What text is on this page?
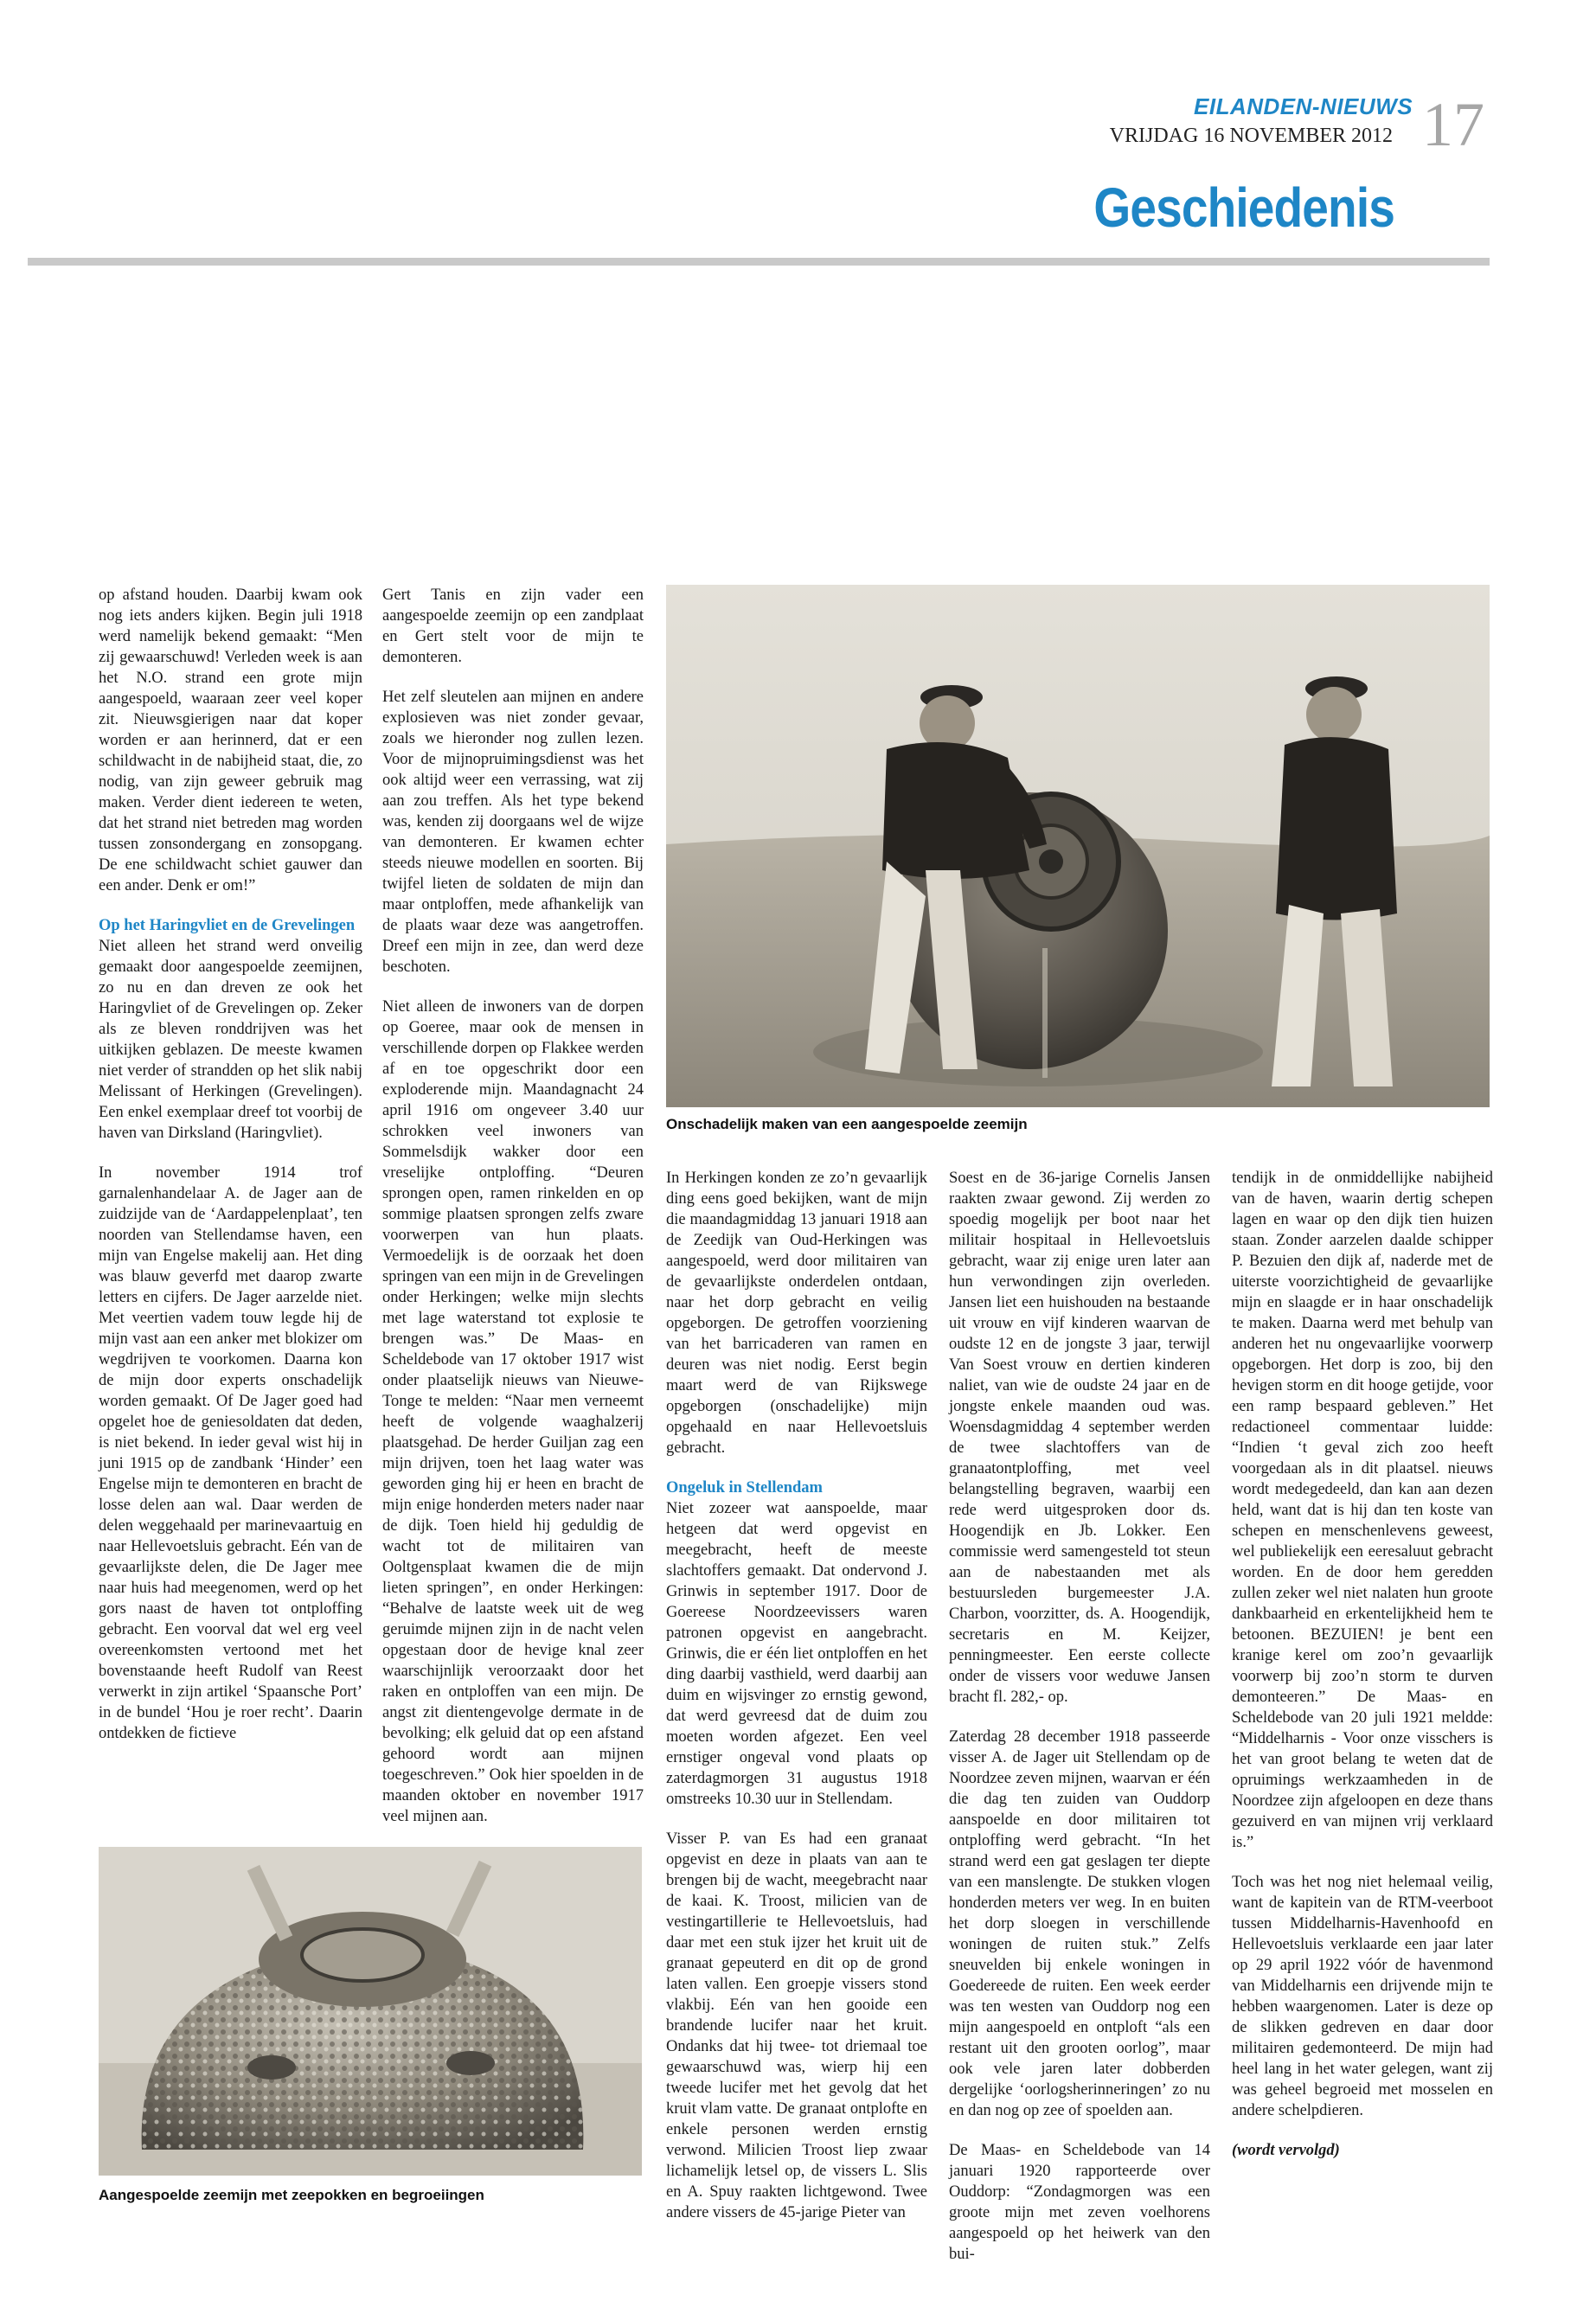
EILANDEN-NIEUWS
VRIJDAG 16 NOVEMBER 2012 17
Geschiedenis
Onschadelijk maken van een aangespoelde zeemijn
Aangespoelde zeemijn met zeepokken en begroeiingen

op afstand houden. Daarbij kwam ook nog iets anders kijken. Begin juli 1918 werd namelijk bekend gemaakt: “Men zij gewaarschuwd! Verleden week is aan het N.O. strand een grote mijn aangespoeld, waaraan zeer veel koper zit. Nieuwsgierigen naar dat koper worden er aan herinnerd, dat er een schildwacht in de nabijheid staat, die, zo nodig, van zijn geweer gebruik mag maken. Verder dient iedereen te weten, dat het strand niet betreden mag worden tussen zonsondergang en zonsopgang. De ene schildwacht schiet gauwer dan een ander. Denk er om!”

Op het Haringvliet en de Grevelingen

Niet alleen het strand werd onveilig gemaakt door aangespoelde zeemijnen, zo nu en dan dreven ze ook het Haringvliet of de Grevelingen op. Zeker als ze bleven ronddrijven was het uitkijken geblazen. De meeste kwamen niet verder of strandden op het slik nabij Melissant of Herkingen (Grevelingen). Een enkel exemplaar dreef tot voorbij de haven van Dirksland (Haringvliet).

In november 1914 trof garnalenhandelaar A. de Jager aan de zuidzijde van de ‘Aardappelenplaat’, ten noorden van Stellendamse haven, een mijn van Engelse makelij aan. Het ding was blauw geverfd met daarop zwarte letters en cijfers. De Jager aarzelde niet. Met veertien vadem touw legde hij de mijn vast aan een anker met blokizer om wegdrijven te voorkomen. Daarna kon de mijn door experts onschadelijk worden gemaakt. Of De Jager goed had opgelet hoe de geniesoldaten dat deden, is niet bekend. In ieder geval wist hij in juni 1915 op de zandbank ‘Hinder’ een Engelse mijn te demonteren en bracht de losse delen aan wal. Daar werden de delen weggehaald per marinevaartuig en naar Hellevoetsluis gebracht. Eén van de gevaarlijkste delen, die De Jager mee naar huis had meegenomen, werd op het gors naast de haven tot ontploffing gebracht. Een voorval dat wel erg veel overeenkomsten vertoond met het bovenstaande heeft Rudolf van Reest verwerkt in zijn artikel ‘Spaansche Port’ in de bundel ‘Hou je roer recht’. Daarin ontdekken de fictieve

Gert Tanis en zijn vader een aangespoelde zeemijn op een zandplaat en Gert stelt voor de mijn te demonteren.

Het zelf sleutelen aan mijnen en andere explosieven was niet zonder gevaar, zoals we hieronder nog zullen lezen. Voor de mijnopruimingsdienst was het ook altijd weer een verrassing, wat zij aan zou treffen. Als het type bekend was, kenden zij doorgaans wel de wijze van demonteren. Er kwamen echter steeds nieuwe modellen en soorten. Bij twijfel lieten de soldaten de mijn dan maar ontploffen, mede afhankelijk van de plaats waar deze was aangetroffen. Dreef een mijn in zee, dan werd deze beschoten.

Niet alleen de inwoners van de dorpen op Goeree, maar ook de mensen in verschillende dorpen op Flakkee werden af en toe opgeschrikt door een exploderende mijn. Maandagnacht 24 april 1916 om ongeveer 3.40 uur schrokken veel inwoners van Sommelsdijk wakker door een vreselijke ontploffing. “Deuren sprongen open, ramen rinkelden en op sommige plaatsen sprongen zelfs zware voorwerpen van hun plaats. Vermoedelijk is de oorzaak het doen springen van een mijn in de Grevelingen onder Herkingen; welke mijn slechts met lage waterstand tot explosie te brengen was.” De Maas- en Scheldebode van 17 oktober 1917 wist onder plaatselijk nieuws van Nieuwe-Tonge te melden: “Naar men verneemt heeft de volgende waaghalzerij plaatsgehad. De herder Guiljan zag een mijn drijven, toen het laag water was geworden ging hij er heen en bracht de mijn enige honderden meters nader naar de dijk. Toen hield hij geduldig de wacht tot de militairen van Ooltgensplaat kwamen die de mijn lieten springen”, en onder Herkingen: “Behalve de laatste week uit de weg geruimde mijnen zijn in de nacht velen opgestaan door de hevige knal zeer waarschijnlijk veroorzaakt door het raken en ontploffen van een mijn. De angst zit dientengevolge dermate in de bevolking; elk geluid dat op een afstand gehoord wordt aan mijnen toegeschreven.” Ook hier spoelden in de maanden oktober en november 1917 veel mijnen aan.

In Herkingen konden ze zo’n gevaarlijk ding eens goed bekijken, want de mijn die maandagmiddag 13 januari 1918 aan de Zeedijk van Oud-Herkingen was aangespoeld, werd door militairen van de gevaarlijkste onderdelen ontdaan, naar het dorp gebracht en veilig opgeborgen. De getroffen voorziening van het barricaderen van ramen en deuren was niet nodig. Eerst begin maart werd de van Rijkswege opgeborgen (onschadelijke) mijn opgehaald en naar Hellevoetsluis gebracht.

Ongeluk in Stellendam

Niet zozeer wat aanspoelde, maar hetgeen dat werd opgevist en meegebracht, heeft de meeste slachtoffers gemaakt. Dat ondervond J. Grinwis in september 1917. Door de Goereese Noordzeevissers waren patronen opgevist en aangebracht. Grinwis, die er één liet ontploffen en het ding daarbij vasthield, werd daarbij aan duim en wijsvinger zo ernstig gewond, dat werd gevreesd dat de duim zou moeten worden afgezet. Een veel ernstiger ongeval vond plaats op zaterdagmorgen 31 augustus 1918 omstreeks 10.30 uur in Stellendam.

Visser P. van Es had een granaat opgevist en deze in plaats van aan te brengen bij de wacht, meegebracht naar de kaai. K. Troost, milicien van de vestingartillerie te Hellevoetsluis, had daar met een stuk ijzer het kruit uit de granaat gepeuterd en dit op de grond laten vallen. Een groepje vissers stond vlakbij. Eén van hen gooide een brandende lucifer naar het kruit. Ondanks dat hij twee- tot driemaal toe gewaarschuwd was, wierp hij een tweede lucifer met het gevolg dat het kruit vlam vatte. De granaat ontplofte en enkele personen werden ernstig verwond. Milicien Troost liep zwaar lichamelijk letsel op, de vissers L. Slis en A. Spuy raakten lichtgewond. Twee andere vissers de 45-jarige Pieter van

Soest en de 36-jarige Cornelis Jansen raakten zwaar gewond. Zij werden zo spoedig mogelijk per boot naar het militair hospitaal in Hellevoetsluis gebracht, waar zij enige uren later aan hun verwondingen zijn overleden. Jansen liet een huishouden na bestaande uit vrouw en vijf kinderen waarvan de oudste 12 en de jongste 3 jaar, terwijl Van Soest vrouw en dertien kinderen naliet, van wie de oudste 24 jaar en de jongste enkele maanden oud was. Woensdagmiddag 4 september werden de twee slachtoffers van de granaatontploffing, met veel belangstelling begraven, waarbij een rede werd uitgesproken door ds. Hoogendijk en Jb. Lokker. Een commissie werd samengesteld tot steun aan de nabestaanden met als bestuursleden burgemeester J.A. Charbon, voorzitter, ds. A. Hoogendijk, secretaris en M. Keijzer, penningmeester. Een eerste collecte onder de vissers voor weduwe Jansen bracht fl. 282,- op.

Zaterdag 28 december 1918 passeerde visser A. de Jager uit Stellendam op de Noordzee zeven mijnen, waarvan er één die dag ten zuiden van Ouddorp aanspoelde en door militairen tot ontploffing werd gebracht. “In het strand werd een gat geslagen ter diepte van een manslengte. De stukken vlogen honderden meters ver weg. In en buiten het dorp sloegen in verschillende woningen de ruiten stuk.” Zelfs sneuvelden bij enkele woningen in Goedereede de ruiten. Een week eerder was ten westen van Ouddorp nog een mijn aangespoeld en ontploft “als een restant uit den grooten oorlog”, maar ook vele jaren later dobberden dergelijke ‘oorlogsherinneringen’ zo nu en dan nog op zee of spoelden aan.

De Maas- en Scheldebode van 14 januari 1920 rapporteerde over Ouddorp: “Zondagmorgen was een groote mijn met zeven voelhorens aangespoeld op het heiwerk van den bui-

tendijk in de onmiddellijke nabijheid van de haven, waarin dertig schepen lagen en waar op den dijk tien huizen staan. Zonder aarzelen daalde schipper P. Bezuien den dijk af, naderde met de uiterste voorzichtigheid de gevaarlijke mijn en slaagde er in haar onschadelijk te maken. Daarna werd met behulp van anderen het nu ongevaarlijke voorwerp opgeborgen. Het dorp is zoo, bij den hevigen storm en dit hooge getijde, voor een ramp bespaard gebleven.” Het redactioneel commentaar luidde: “Indien ‘t geval zich zoo heeft voorgedaan als in dit plaatsel. nieuws wordt medegedeeld, dan kan aan dezen held, want dat is hij dan ten koste van schepen en menschenlevens geweest, wel publiekelijk een eeresaluut gebracht worden. En de door hem geredden zullen zeker wel niet nalaten hun groote dankbaarheid en erkentelijkheid hem te betoonen. BEZUIEN! je bent een kranige kerel om zoo’n gevaarlijk voorwerp bij zoo’n storm te durven demonteeren.” De Maas- en Scheldebode van 20 juli 1921 meldde: “Middelharnis - Voor onze visschers is het van groot belang te weten dat de opruimings werkzaamheden in de Noordzee zijn afgeloopen en deze thans gezuiverd en van mijnen vrij verklaard is.”

Toch was het nog niet helemaal veilig, want de kapitein van de RTM-veerboot tussen Middelharnis-Havenhoofd en Hellevoetsluis verklaarde een jaar later op 29 april 1922 vóór de havenmond van Middelharnis een drijvende mijn te hebben waargenomen. Later is deze op de slikken gedreven en daar door militairen gedemonteerd. De mijn had heel lang in het water gelegen, want zij was geheel begroeid met mosselen en andere schelpdieren.

(wordt vervolgd)
